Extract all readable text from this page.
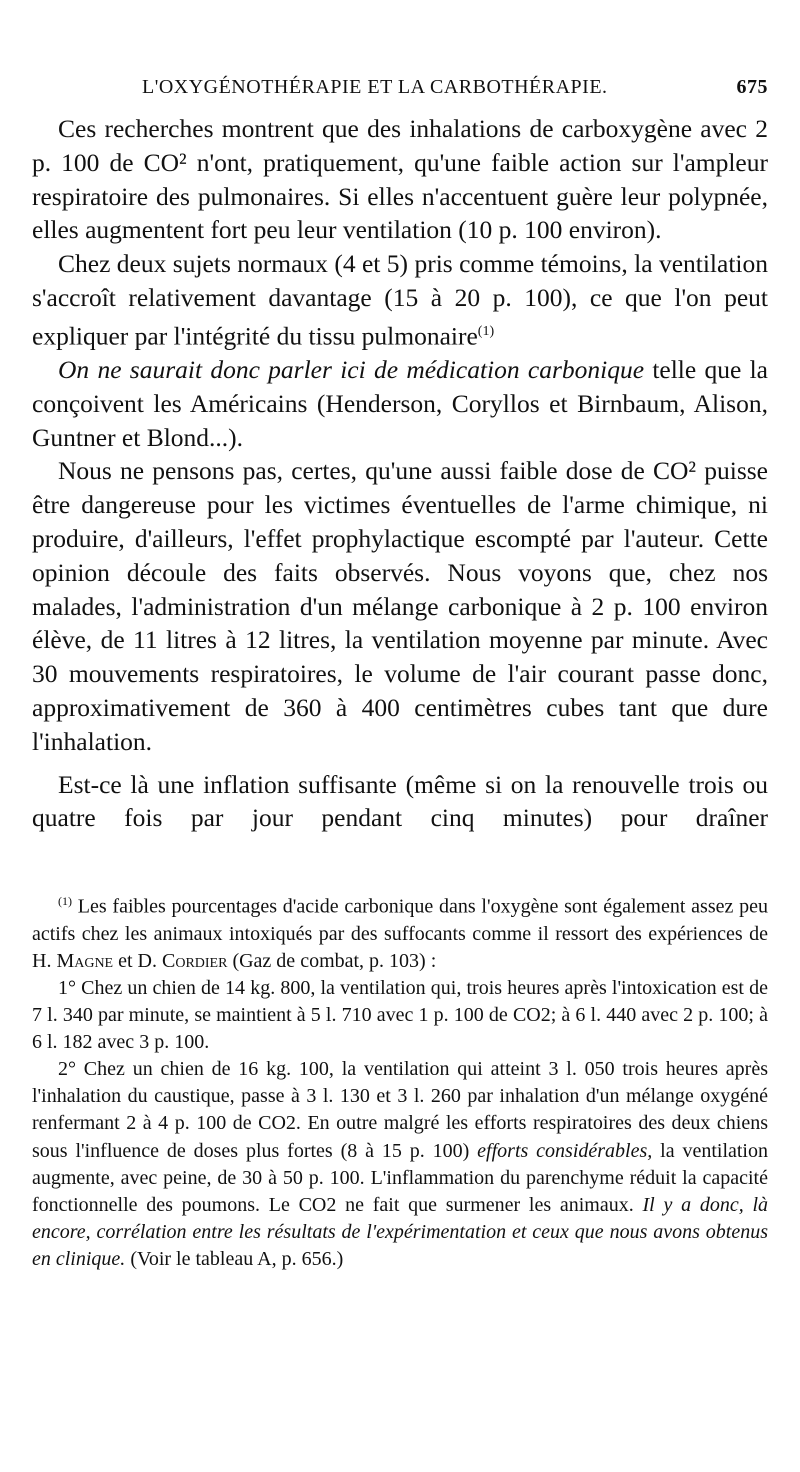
L'OXYGÉNOTHÉRAPIE ET LA CARBOTHÉRAPIE.	675

Ces recherches montrent que des inhalations de carboxygène avec 2 p. 100 de CO² n'ont, pratiquement, qu'une faible action sur l'ampleur respiratoire des pulmonaires. Si elles n'accentuent guère leur polypnée, elles augmentent fort peu leur ventilation (10 p. 100 environ).

Chez deux sujets normaux (4 et 5) pris comme témoins, la ventilation s'accroît relativement davantage (15 à 20 p. 100), ce que l'on peut expliquer par l'intégrité du tissu pulmonaire$^{(1)}$

On ne saurait donc parler ici de médication carbonique telle que la conçoivent les Américains (Henderson, Coryllos et Birnbaum, Alison, Guntner et Blond...).

Nous ne pensons pas, certes, qu'une aussi faible dose de CO² puisse être dangereuse pour les victimes éventuelles de l'arme chimique, ni produire, d'ailleurs, l'effet prophylactique escompté par l'auteur. Cette opinion découle des faits observés. Nous voyons que, chez nos malades, l'administration d'un mélange carbonique à 2 p. 100 environ élève, de 11 litres à 12 litres, la ventilation moyenne par minute. Avec 30 mouvements respiratoires, le volume de l'air courant passe donc, approximativement de 360 à 400 centimètres cubes tant que dure l'inhalation.

Est-ce là une inflation suffisante (même si on la renouvelle trois ou quatre fois par jour pendant cinq minutes) pour draîner

$^{(1)}$ Les faibles pourcentages d'acide carbonique dans l'oxygène sont également assez peu actifs chez les animaux intoxiqués par des suffocants comme il ressort des expériences de H. Magne et D. Cordier (Gaz de combat, p. 103) :

1° Chez un chien de 14 kg. 800, la ventilation qui, trois heures après l'intoxication est de 7 l. 340 par minute, se maintient à 5 l. 710 avec 1 p. 100 de CO2; à 6 l. 440 avec 2 p. 100; à 6 l. 182 avec 3 p. 100.

2° Chez un chien de 16 kg. 100, la ventilation qui atteint 3 l. 050 trois heures après l'inhalation du caustique, passe à 3 l. 130 et 3 l. 260 par inhalation d'un mélange oxygéné renfermant 2 à 4 p. 100 de CO2. En outre malgré les efforts respiratoires des deux chiens sous l'influence de doses plus fortes (8 à 15 p. 100) efforts considérables, la ventilation augmente, avec peine, de 30 à 50 p. 100. L'inflammation du parenchyme réduit la capacité fonctionnelle des poumons. Le CO2 ne fait que surmener les animaux. Il y a donc, là encore, corrélation entre les résultats de l'expérimentation et ceux que nous avons obtenus en clinique. (Voir le tableau A, p. 656.)
